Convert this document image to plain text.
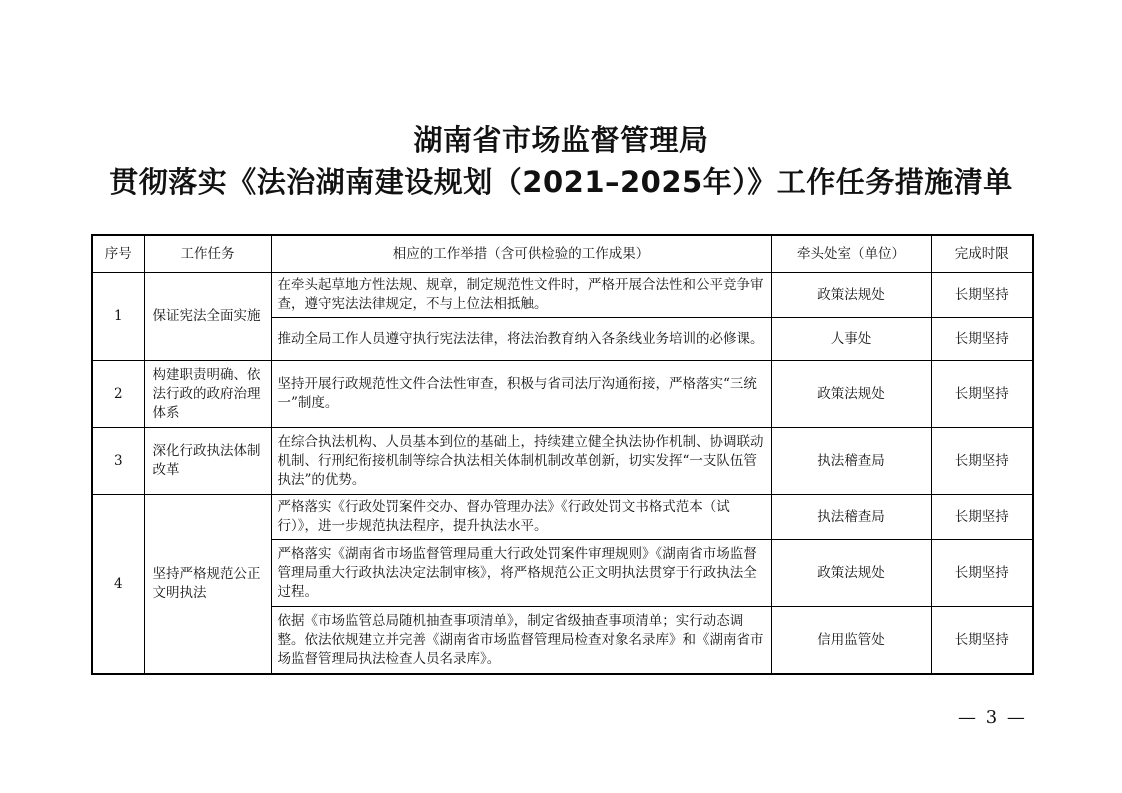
湖南省市场监督管理局
贯彻落实《法治湖南建设规划（2021–2025年）》工作任务措施清单
序号	工作任务	相应的工作举措（含可供检验的工作成果）	牵头处室（单位）	完成时限
1	保证宪法全面实施	在牵头起草地方性法规、规章，制定规范性文件时，严格开展合法性和公平竞争审查，遵守宪法法律规定，不与上位法相抵触。	政策法规处	长期坚持
		推动全局工作人员遵守执行宪法法律，将法治教育纳入各条线业务培训的必修课。	人事处	长期坚持
2	构建职责明确、依法行政的政府治理体系	坚持开展行政规范性文件合法性审查，积极与省司法厅沟通衔接，严格落实“三统一”制度。	政策法规处	长期坚持
3	深化行政执法体制改革	在综合执法机构、人员基本到位的基础上，持续建立健全执法协作机制、协调联动机制、行刑纪衔接机制等综合执法相关体制机制改革创新，切实发挥“一支队伍管执法”的优势。	执法稽查局	长期坚持
4	坚持严格规范公正文明执法	严格落实《行政处罚案件交办、督办管理办法》《行政处罚文书格式范本（试行）》，进一步规范执法程序，提升执法水平。	执法稽查局	长期坚持
		严格落实《湖南省市场监督管理局重大行政处罚案件审理规则》《湖南省市场监督管理局重大行政执法决定法制审核》，将严格规范公正文明执法贯穿于行政执法全过程。	政策法规处	长期坚持
		依据《市场监管总局随机抽查事项清单》，制定省级抽查事项清单；实行动态调整。依法依规建立并完善《湖南省市场监督管理局检查对象名录库》和《湖南省市场监督管理局执法检查人员名录库》。	信用监管处	长期坚持
— 3 —
